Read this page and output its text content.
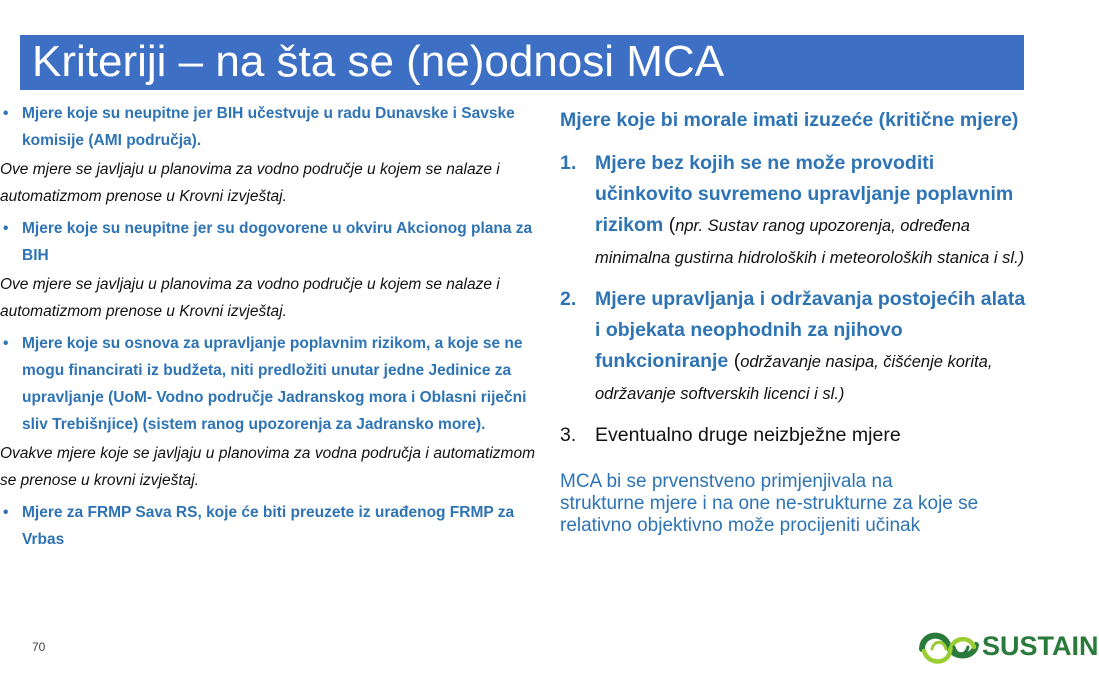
Kriteriji – na šta se (ne)odnosi MCA
• Mjere koje su neupitne jer BIH učestvuje u radu Dunavske i Savske komisije (AMI područja).
Ove mjere se javljaju u planovima za vodno područje u kojem se nalaze i automatizmom prenose u Krovni izvještaj.
• Mjere koje su neupitne jer su dogovorene u okviru Akcionog plana za BIH
Ove mjere se javljaju u planovima za vodno područje u kojem se nalaze i automatizmom prenose u Krovni izvještaj.
• Mjere koje su osnova za upravljanje poplavnim rizikom, a koje se ne mogu financirati iz budžeta, niti predložiti unutar jedne Jedinice za upravljanje (UoM- Vodno područje Jadranskog mora i Oblasni riječni sliv Trebišnjice) (sistem ranog upozorenja za Jadransko more).
Ovakve mjere koje se javljaju u planovima za vodna područja i automatizmom se prenose u krovni izvještaj.
• Mjere za FRMP Sava RS, koje će biti preuzete iz urađenog FRMP za Vrbas
Mjere koje bi morale imati izuzeće (kritične mjere)
1. Mjere bez kojih se ne može provoditi učinkovito suvremeno upravljanje poplavnim rizikom (npr. Sustav ranog upozorenja, određena minimalna gustirna hidroloških i meteoroloških stanica i sl.)
2. Mjere upravljanja i održavanja postojećih alata i objekata neophodnih za njihovo funkcioniranje (održavanje nasipa, čišćenje korita, održavanje softverskih licenci i sl.)
3. Eventualno druge neizbježne mjere
MCA bi se prvenstveno primjenjivala na
strukturne mjere i na one ne-strukturne za koje se
relativno objektivno može procijeniti učinak
70	SUSTAIN
